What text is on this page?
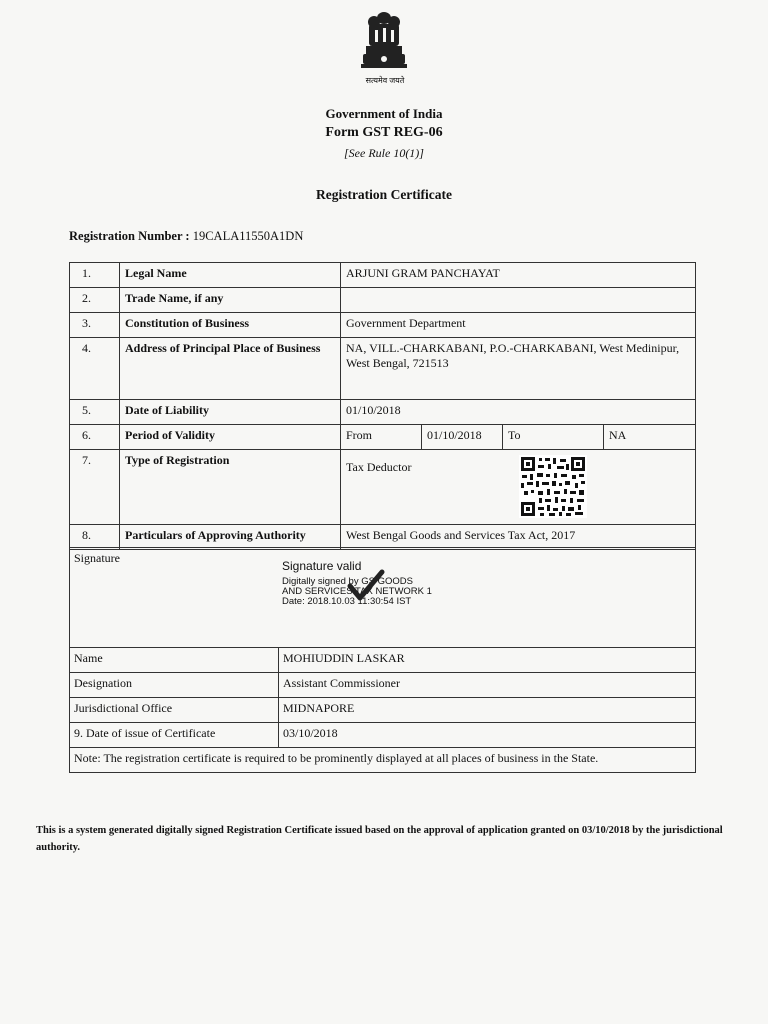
सत्यमेव जयते
Government of India
Form GST REG-06
[See Rule 10(1)]
Registration Certificate
Registration Number : 19CALA11550A1DN
1.	Legal Name	ARJUNI GRAM PANCHAYAT			
2.	Trade Name, if any				
3.	Constitution of Business	Government Department			
4.	Address of Principal Place of Business	NA, VILL.-CHARKABANI, P.O.-CHARKABANI, West Medinipur, West Bengal, 721513			
5.	Date of Liability	01/10/2018			
6.	Period of Validity	From	01/10/2018	To	NA
7.	Type of Registration	Tax Deductor			
8.	Particulars of Approving Authority	West Bengal Goods and Services Tax Act, 2017			
Signature	
Name	MOHIUDDIN LASKAR
Designation	Assistant Commissioner
Jurisdictional Office	MIDNAPORE
9. Date of issue of Certificate	03/10/2018
Note: The registration certificate is required to be prominently displayed at all places of business in the State.	
Signature valid
Digitally signed by GS GOODS
AND SERVICES TAX NETWORK 1
Date: 2018.10.03 11:30:54 IST
This is a system generated digitally signed Registration Certificate issued based on the approval of application granted on 03/10/2018 by the jurisdictional authority.
